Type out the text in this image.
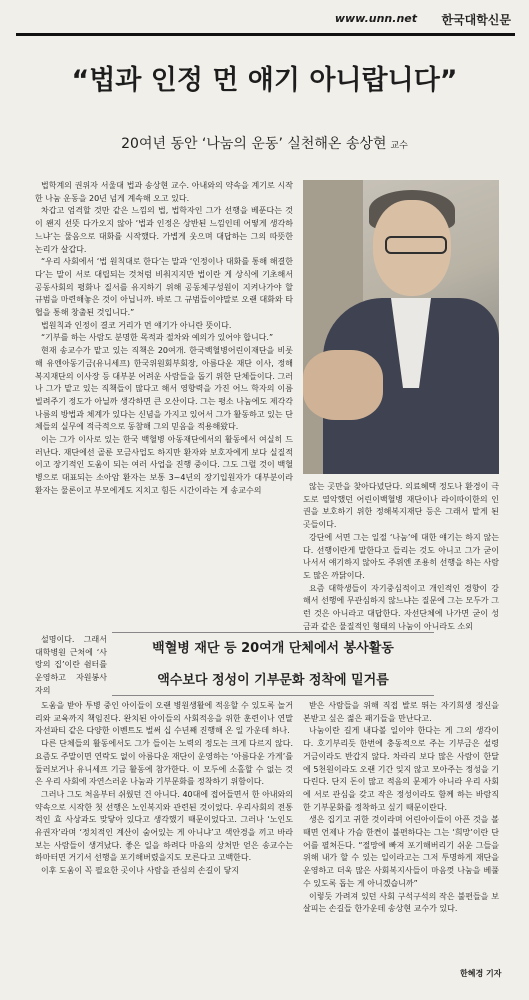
www.unn.net 한국대학신문
“법과 인정 먼 얘기 아니랍니다”
20여년 동안 ‘나눔의 운동’ 실천해온 송상현 교수

법학계의 권위자 서울대 법과 송상현 교수. 아내와의 약속을 계기로 시작한 나눔 운동을 20년 넘게 계속해 오고 있다.

차갑고 엄격할 것만 같은 느낌의 법, 법학자인 그가 선행을 베푼다는 것이 왠지 선뜻 다가오지 않아 ‘법과 인정은 상반된 느낌인데 어떻게 생각하느냐’는 물음으로 대화를 시작했다. 가볍게 웃으며 대답하는 그의 따뜻한 논리가 살갑다.

“우리 사회에서 ‘법 원칙대로 한다’는 말과 ‘인정이나 대화를 통해 해결한다’는 말이 서로 대립되는 것처럼 비춰지지만 법이란 게 상식에 기초해서 공동사회의 평화나 질서를 유지하기 위해 공동체구성원이 지켜나가야 할 규범을 마련해놓은 것이 아닙니까. 바로 그 규범들이야말로 오랜 대화와 타협을 통해 창출된 것입니다.”

법원칙과 인정이 결코 거리가 먼 얘기가 아니란 뜻이다.

“기부를 하는 사람도 분명한 목적과 절차와 예의가 있어야 합니다.”

현재 송교수가 맡고 있는 직책은 20여개. 한국백혈병어린이재단을 비롯해 유엔아동기금(유니세프) 한국위원회부회장, 아름다운 재단 이사, 정해복지재단의 이사장 등 대부분 어려운 사람들을 돕기 위한 단체들이다. 그러나 그가 맡고 있는 직책들이 많다고 해서 영향력을 가진 어느 학자의 이름 빌려주기 정도가 아닐까 생각하면 큰 오산이다. 그는 평소 나눔에도 제각각 나름의 방법과 체계가 있다는 신념을 가지고 있어서 그가 활동하고 있는 단체들의 실무에 적극적으로 동참해 그의 믿음을 적용해왔다.

이는 그가 이사로 있는 한국 백혈병 아동재단에서의 활동에서 여실히 드러난다. 재단에선 골룬 모금사업도 하지만 환자와 보호자에게 보다 실질적이고 장기적인 도움이 되는 여러 사업을 진행 중이다. 그도 그럴 것이 백혈병으로 대표되는 소아암 환자는 보통 3~4년의 장기입원자가 대부분이라 환자는 물론이고 부모에게도 지치고 힘든 시간이라는 게 송교수의

설명이다. 그래서 대학병원 근처에 ‘사랑의 집’이란 쉼터를 운영하고 자원봉사자의

도움을 받아 투병 중인 아이들이 오랜 병원생활에 적응할 수 있도록 놀거리와 교육까지 책임진다. 완치된 아이들의 사회적응을 위한 훈련이나 연말자선파티 같은 다양한 이벤트도 벌써 십 수년째 진행해 온 일 가운데 하나.

다른 단체들의 활동에서도 그가 들이는 노력의 정도는 크게 다르지 않다. 요즘도 주말이면 연락도 없이 아름다운 재단이 운영하는 ‘아름다운 가게’를 둘러보거나 유니세프 기금 활동에 참가한다. 이 모두에 소홀할 수 없는 것은 우리 사회에 자연스러운 나눔과 기부문화를 정착하기 위함이다.

그러나 그도 처음부터 쉬웠던 건 아니다. 40대에 접어들면서 한 아내와의 약속으로 시작한 첫 선행은 노인복지와 관련된 것이었다. 우리사회의 전통적인 효 사상과도 맞닿아 있다고 생각했기 때문이었다고. 그러나 ‘노인도 유권자’라며 ‘정치적인 계산이 숨어있는 게 아니냐’고 색안경을 끼고 바라보는 사람들이 생겨났다. 좋은 일을 하려다 마음의 상처만 얻은 송교수는 하마터면 거기서 선행을 포기해버렸을지도 모른다고 고백한다.

이후 도움이 꼭 필요한 곳이나 사람을 관심의 손길이 닿지

않는 곳만을 찾아다녔단다. 의료혜택 정도나 환경이 극도로 열악했던 어린이백혈병 재단이나 라이따이한의 인권을 보호하기 위한 정해복지재단 등은 그래서 맡게 된 곳들이다.

강단에 서면 그는 일절 ‘나눔’에 대한 얘기는 하지 않는다. 선행이란게 말한다고 들리는 것도 아니고 그가 굳이 나서서 얘기하지 않아도 주위엔 조용히 선행을 하는 사람도 많은 까닭이다.

요즘 대학생들이 자기중심적이고 개인적인 경향이 강해서 선행에 무관심하지 않느냐는 질문에 그는 모두가 그런 것은 아니라고 대답한다. 자선단체에 나가면 굳이 성금과 같은 물질적인 형태의 나눔이 아니라도 소외

백혈병 재단 등 20여개 단체에서 봉사활동
액수보다 정성이 기부문화 정착에 밑거름

받은 사람들을 위해 직접 발로 뛰는 자기희생 정신을 본받고 싶은 젊은 패기들을 만난다고.

나눔이란 길게 내다볼 일이야 한다는 게 그의 생각이다. 호기부리듯 한번에 충동적으로 주는 기부금은 설령 거금이라도 반갑지 않다. 차라리 보다 많은 사람이 한달에 5천원이라도 오랜 기간 잊지 않고 모아주는 정성을 기다린다. 단지 돈이 많고 적음의 문제가 아니라 우리 사회에 서로 관심을 갖고 작은 정성이라도 함께 하는 바람직한 기부문화를 정착하고 싶기 때문이란다.

생은 집기고 귀한 것이라며 어린아이들이 아픈 것을 볼 때면 언제나 가슴 한켠이 불편하다는 그는 ‘희망’이란 단어를 펼쳐든다. “절망에 빠져 포기해버리기 쉬운 그들을 위해 내가 할 수 있는 일이라고는 그저 투명하게 재단을 운영하고 더욱 많은 사회복지사들이 마음껏 나눔을 베풀 수 있도록 돕는 게 아니겠습니까”

이렇듯 가려져 있던 사회 구석구석의 작은 불편들을 보살피는 손길들 한가운데 송상현 교수가 있다.

한혜경 기자
